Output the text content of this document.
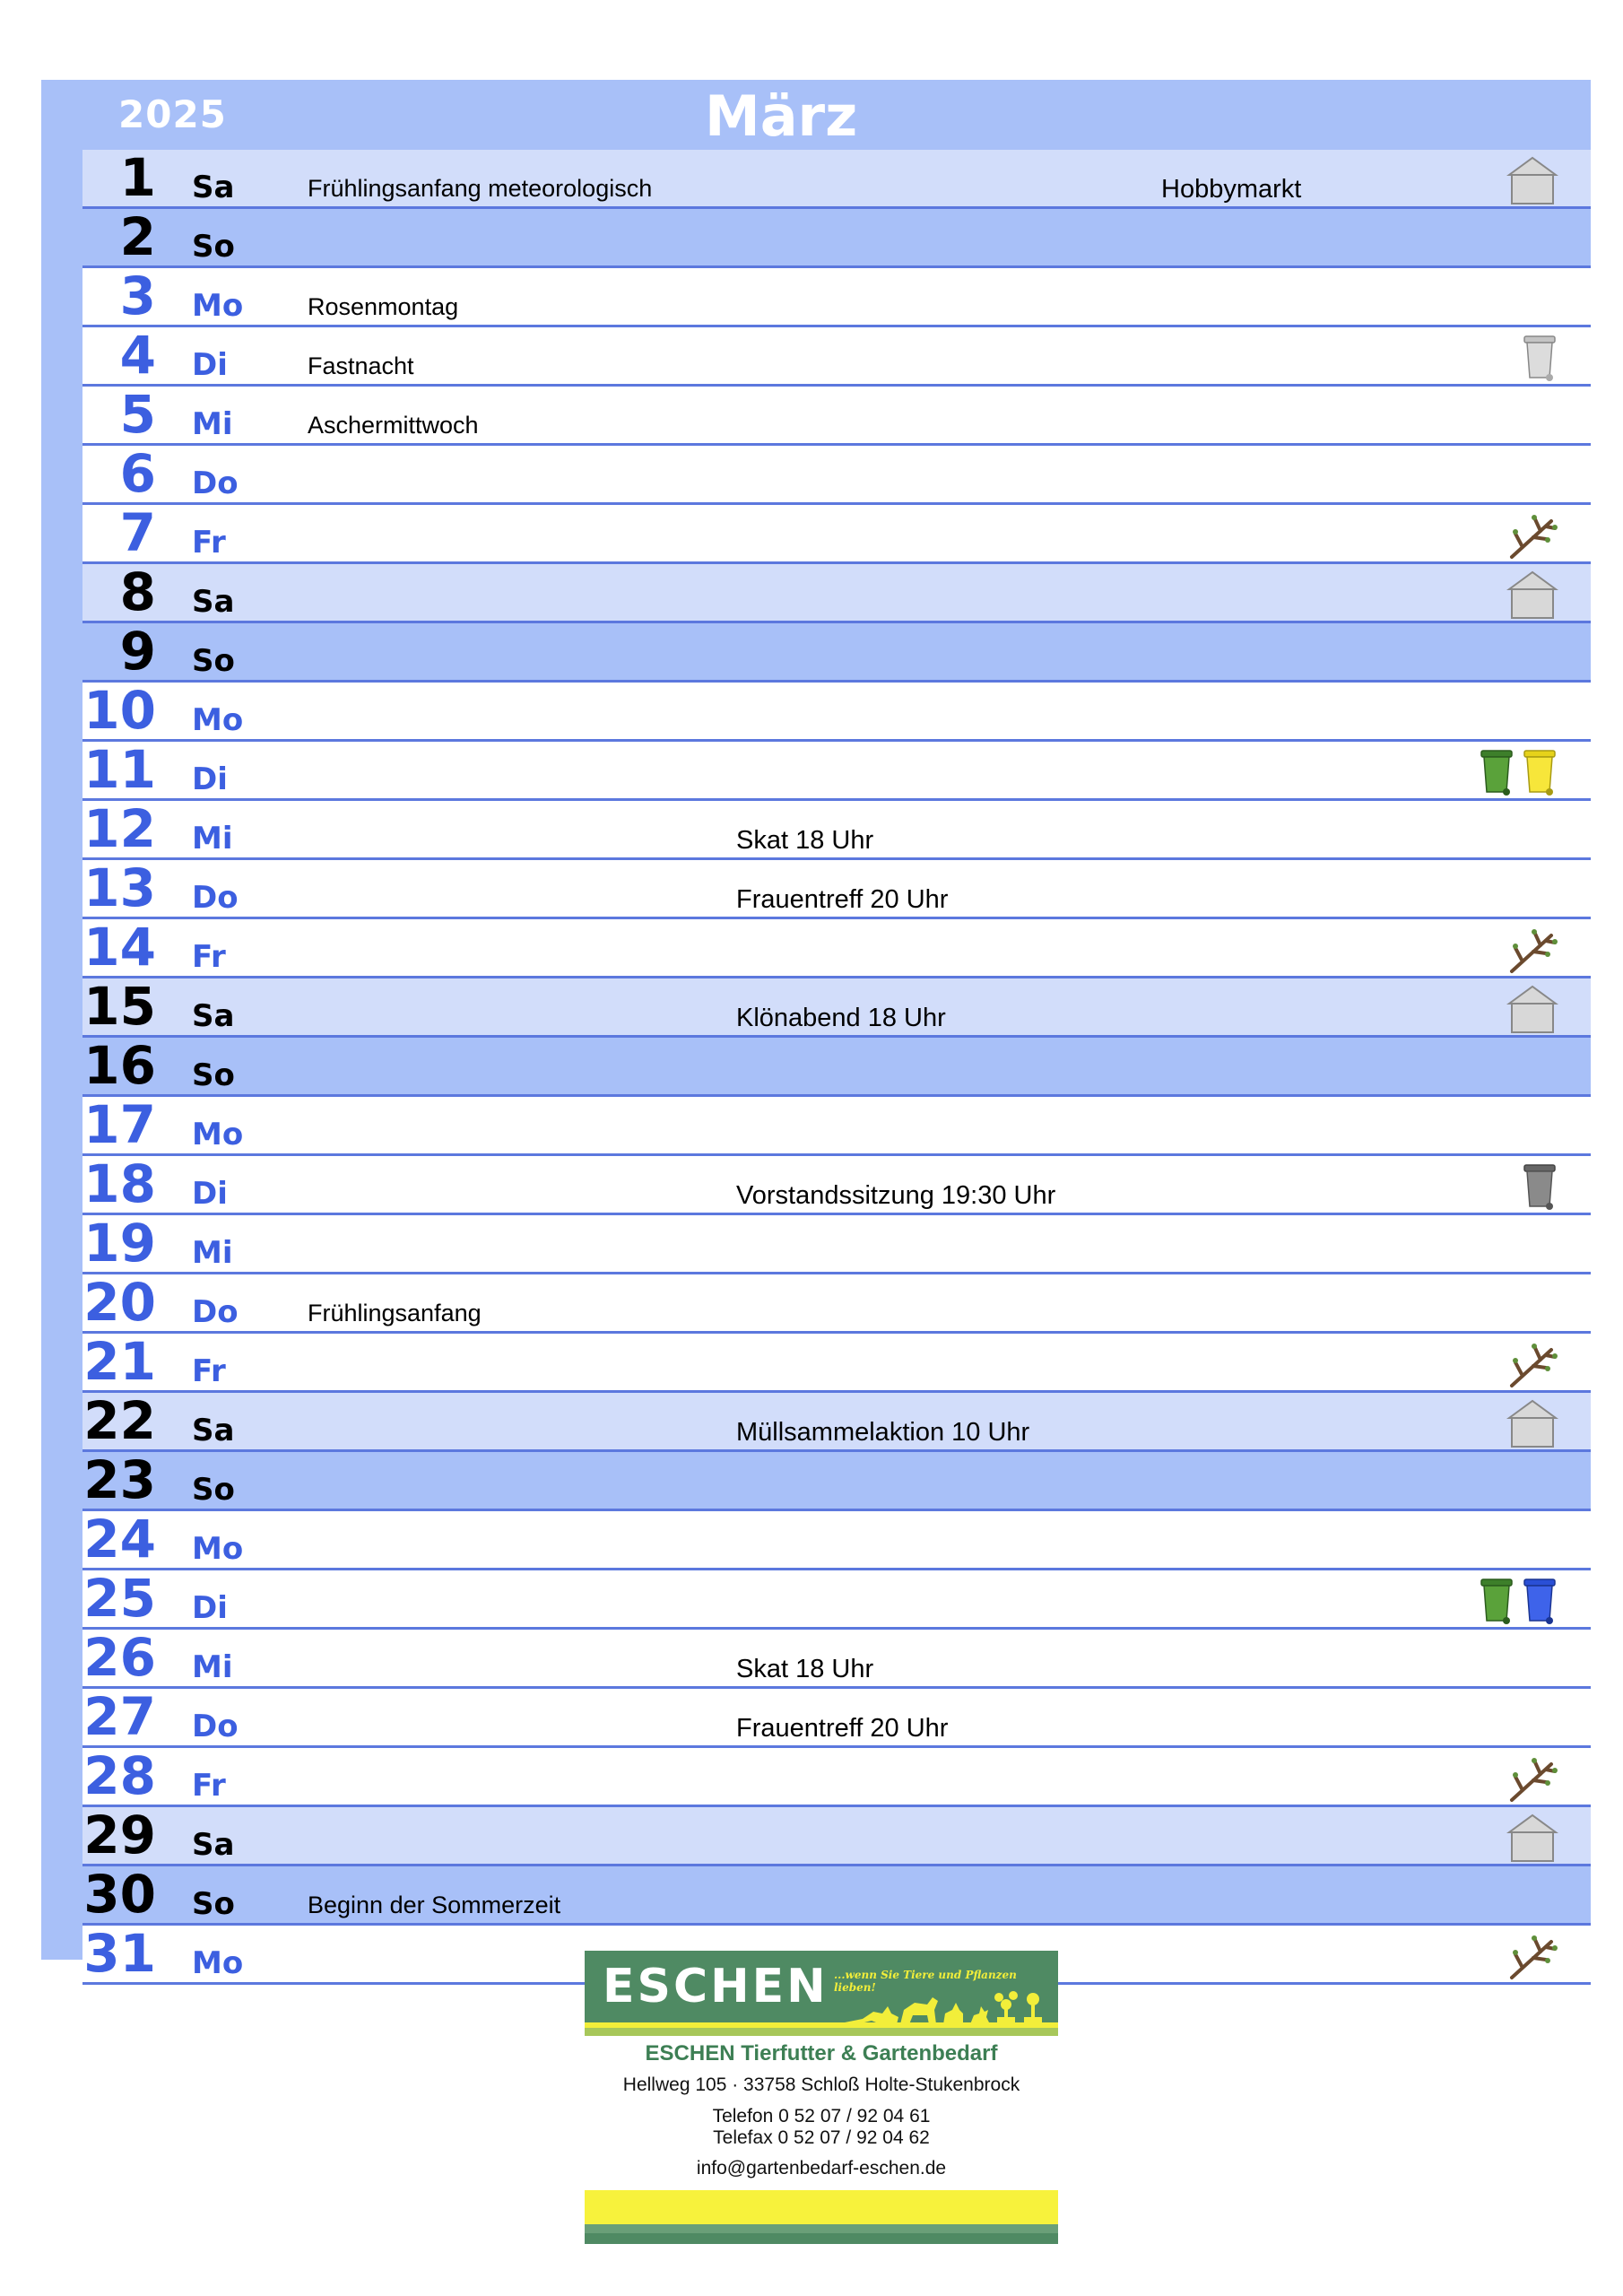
2025	März
1 Sa	Frühlingsanfang meteorologisch	Hobbymarkt
2 So
3 Mo	Rosenmontag
4 Di	Fastnacht
5 Mi	Aschermittwoch
6 Do
7 Fr
8 Sa
9 So
10 Mo
11 Di
12 Mi	Skat 18 Uhr
13 Do	Frauentreff 20 Uhr
14 Fr
15 Sa	Klönabend 18 Uhr
16 So
17 Mo
18 Di	Vorstandssitzung 19:30 Uhr
19 Mi
20 Do	Frühlingsanfang
21 Fr
22 Sa	Müllsammelaktion 10 Uhr
23 So
24 Mo
25 Di
26 Mi	Skat 18 Uhr
27 Do	Frauentreff 20 Uhr
28 Fr
29 Sa
30 So	Beginn der Sommerzeit
31 Mo	ESCHEN ...wenn Sie Tiere und Pflanzen lieben!
ESCHEN Tierfutter & Gartenbedarf
Hellweg 105 · 33758 Schloß Holte-Stukenbrock
Telefon 0 52 07 / 92 04 61
Telefax 0 52 07 / 92 04 62
info@gartenbedarf-eschen.de
